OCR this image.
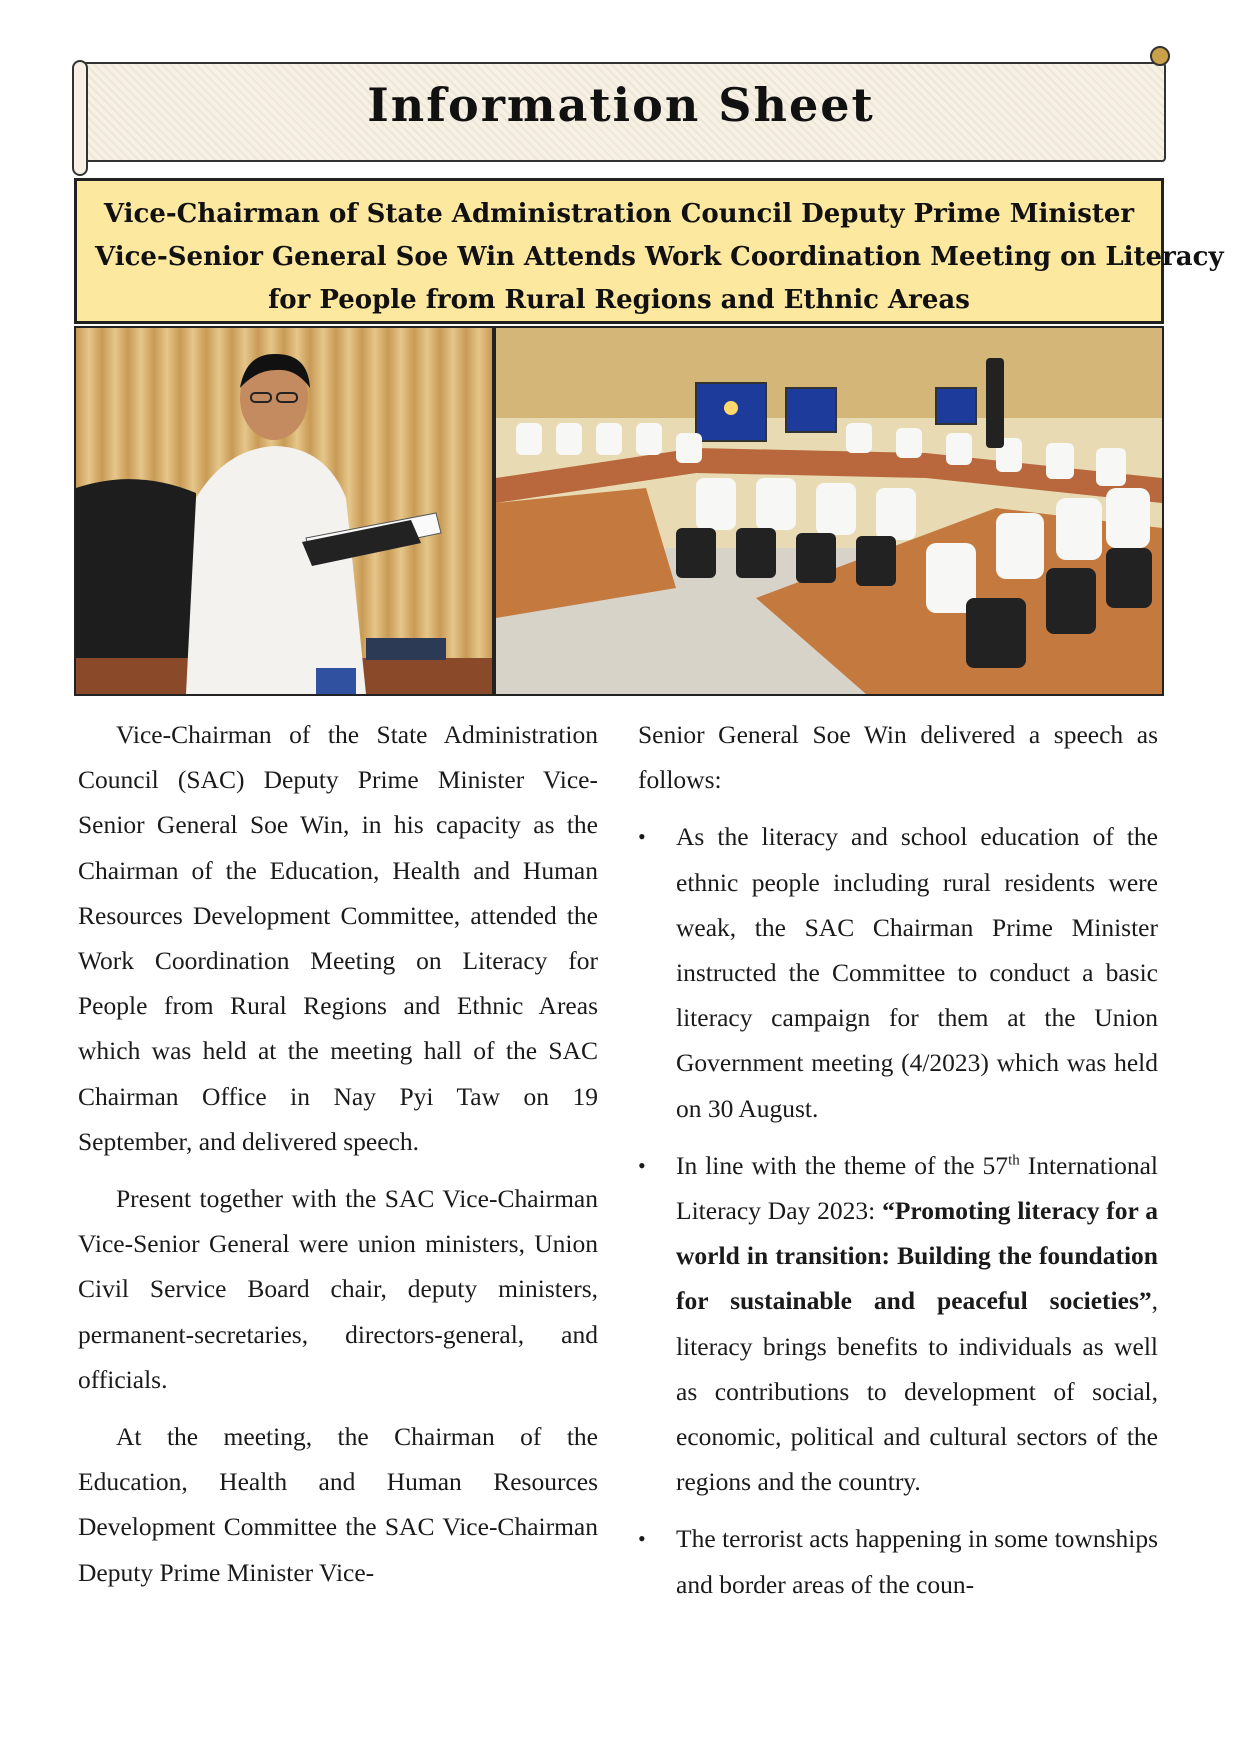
Information Sheet
Vice-Chairman of State Administration Council Deputy Prime Minister
Vice-Senior General Soe Win Attends Work Coordination Meeting on Literacy
for People from Rural Regions and Ethnic Areas

Vice-Chairman of the State Administration Council (SAC) Deputy Prime Minister Vice-Senior General Soe Win, in his capacity as the Chairman of the Education, Health and Human Resources Development Committee, attended the Work Coordination Meeting on Literacy for People from Rural Regions and Ethnic Areas which was held at the meeting hall of the SAC Chairman Office in Nay Pyi Taw on 19 September, and delivered speech.

Present together with the SAC Vice-Chairman Vice-Senior General were union ministers, Union Civil Service Board chair, deputy ministers, permanent-secretaries, directors-general, and officials.

At the meeting, the Chairman of the Education, Health and Human Resources Development Committee the SAC Vice-Chairman Deputy Prime Minister Vice-

Senior General Soe Win delivered a speech as follows:

• As the literacy and school education of the ethnic people including rural residents were weak, the SAC Chairman Prime Minister instructed the Committee to conduct a basic literacy campaign for them at the Union Government meeting (4/2023) which was held on 30 August.
• In line with the theme of the 57th International Literacy Day 2023: “Promoting literacy for a world in transition: Building the foundation for sustainable and peaceful societies”, literacy brings benefits to individuals as well as contributions to development of social, economic, political and cultural sectors of the regions and the country.
• The terrorist acts happening in some townships and border areas of the coun-
